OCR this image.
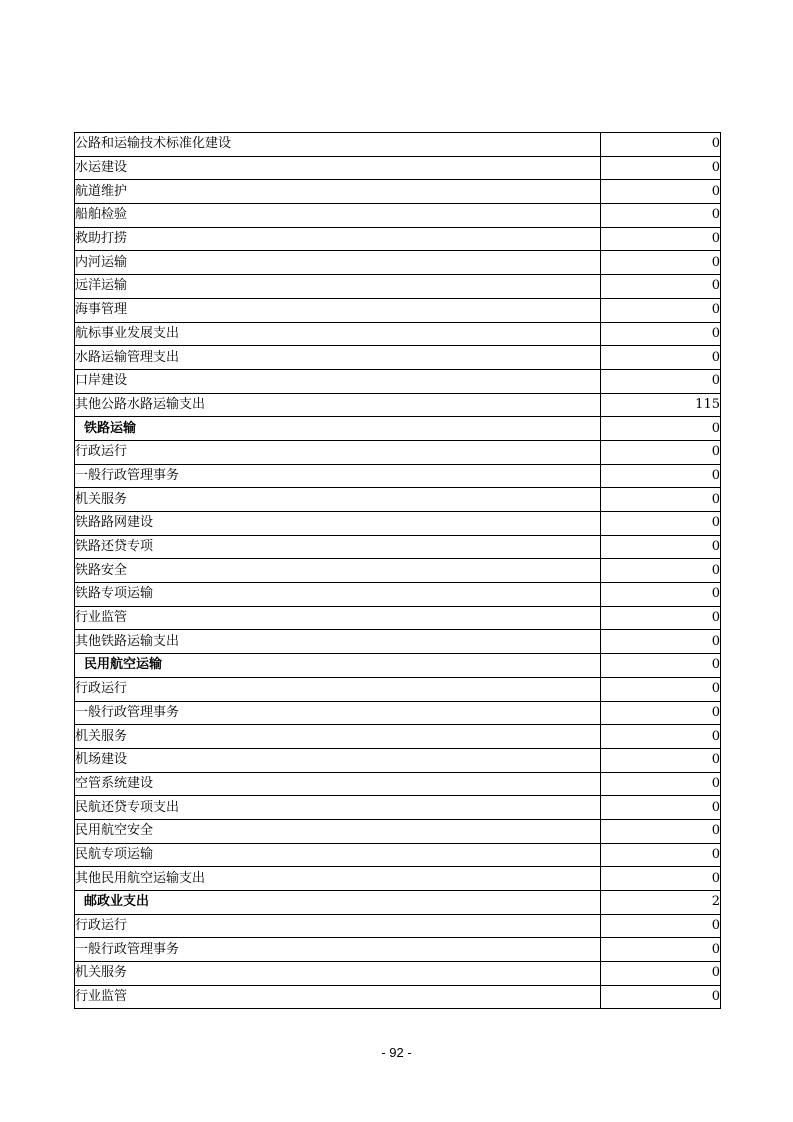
公路和运输技术标准化建设	0
水运建设	0
航道维护	0
船舶检验	0
救助打捞	0
内河运输	0
远洋运输	0
海事管理	0
航标事业发展支出	0
水路运输管理支出	0
口岸建设	0
其他公路水路运输支出	115
铁路运输	0
行政运行	0
一般行政管理事务	0
机关服务	0
铁路路网建设	0
铁路还贷专项	0
铁路安全	0
铁路专项运输	0
行业监管	0
其他铁路运输支出	0
民用航空运输	0
行政运行	0
一般行政管理事务	0
机关服务	0
机场建设	0
空管系统建设	0
民航还贷专项支出	0
民用航空安全	0
民航专项运输	0
其他民用航空运输支出	0
邮政业支出	2
行政运行	0
一般行政管理事务	0
机关服务	0
行业监管	0
- 92 -
